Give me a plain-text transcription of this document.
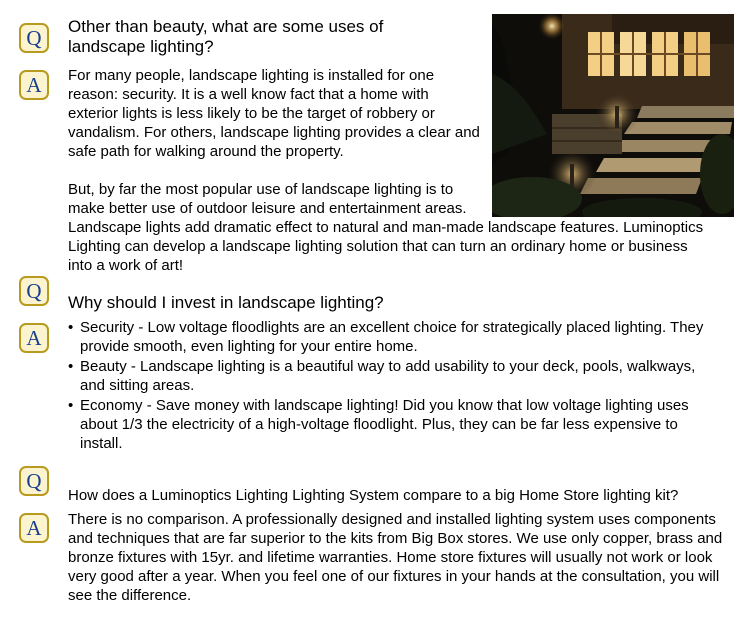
Q Other than beauty, what are some uses of landscape lighting?
A For many people, landscape lighting is installed for one reason: security. It is a well know fact that a home with exterior lights is less likely to be the target of robbery or vandalism. For others, landscape lighting provides a clear and safe path for walking around the property.

But, by far the most popular use of landscape lighting is to make better use of outdoor leisure and entertainment areas. Landscape lights add dramatic effect to natural and man-made landscape features. Luminoptics Lighting can develop a landscape lighting solution that can turn an ordinary home or business into a work of art!

Q Why should I invest in landscape lighting?
A
•	Security - Low voltage floodlights are an excellent choice for strategically placed lighting. They provide smooth, even lighting for your entire home.
• Beauty - Landscape lighting is a beautiful way to add usability to your deck, pools, walkways, and sitting areas.
• Economy - Save money with landscape lighting! Did you know that low voltage lighting uses about 1/3 the electricity of a high-voltage floodlight. Plus, they can be far less expensive to install.
Q
How does a Luminoptics Lighting Lighting System compare to a big Home Store lighting kit?
A There is no comparison. A professionally designed and installed lighting system uses components and techniques that are far superior to the kits from Big Box stores. We use only copper, brass and bronze fixtures with 15yr. and lifetime warranties. Home store fixtures will usually not work or look very good after a year. When you feel one of our fixtures in your hands at the consultation, you will see the difference.
